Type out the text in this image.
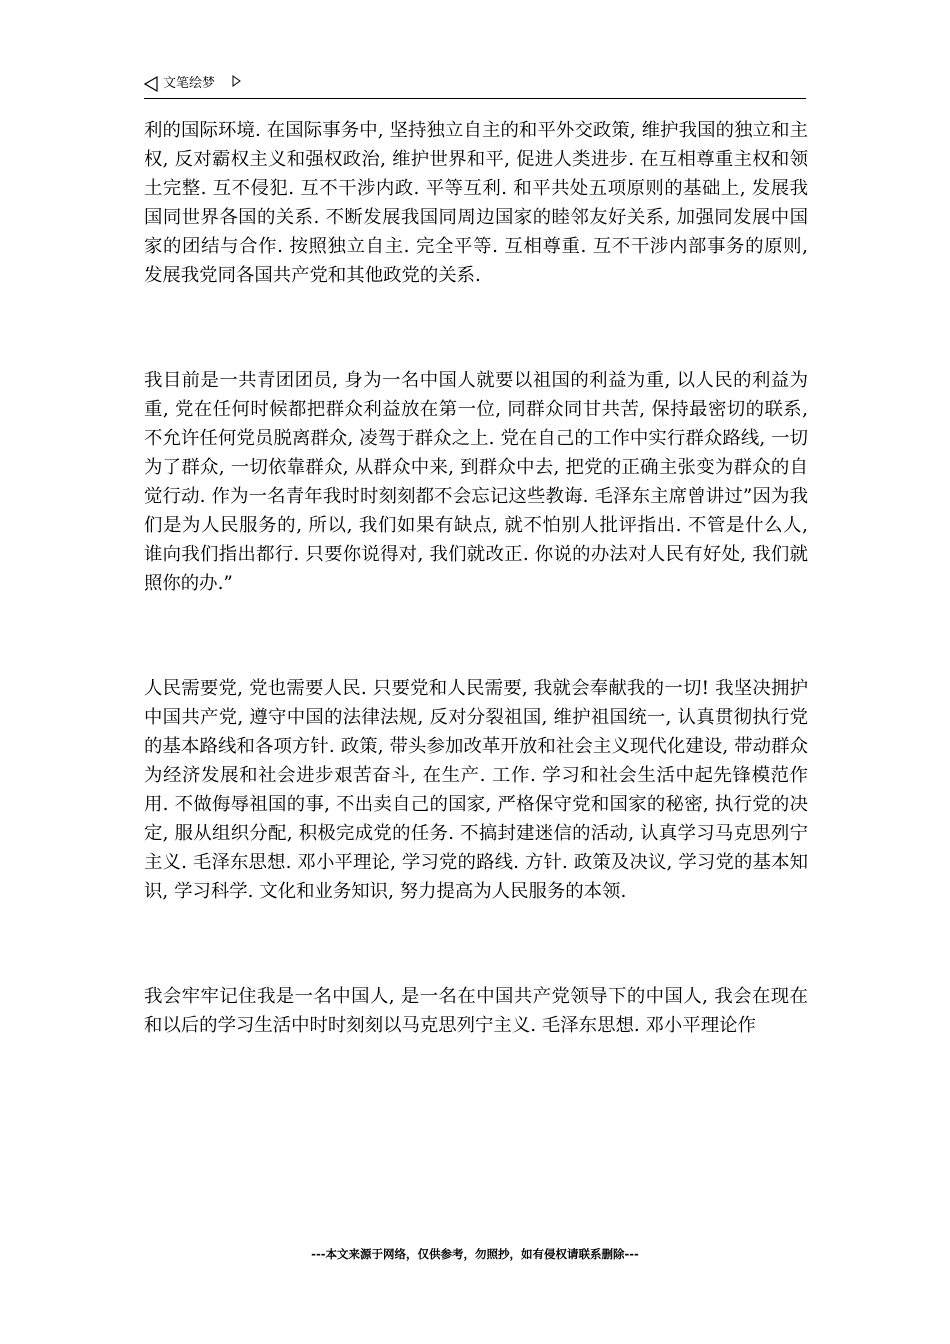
文笔绘梦

利的国际环境. 在国际事务中, 坚持独立自主的和平外交政策, 维护我国的独立和主权, 反对霸权主义和强权政治, 维护世界和平, 促进人类进步. 在互相尊重主权和领土完整. 互不侵犯. 互不干涉内政. 平等互利. 和平共处五项原则的基础上, 发展我国同世界各国的关系. 不断发展我国同周边国家的睦邻友好关系, 加强同发展中国家的团结与合作. 按照独立自主. 完全平等. 互相尊重. 互不干涉内部事务的原则, 发展我党同各国共产党和其他政党的关系.

我目前是一共青团团员, 身为一名中国人就要以祖国的利益为重, 以人民的利益为重, 党在任何时候都把群众利益放在第一位, 同群众同甘共苦, 保持最密切的联系, 不允许任何党员脱离群众, 凌驾于群众之上. 党在自己的工作中实行群众路线, 一切为了群众, 一切依靠群众, 从群众中来, 到群众中去, 把党的正确主张变为群众的自觉行动. 作为一名青年我时时刻刻都不会忘记这些教诲. 毛泽东主席曾讲过”因为我们是为人民服务的, 所以, 我们如果有缺点, 就不怕别人批评指出. 不管是什么人, 谁向我们指出都行. 只要你说得对, 我们就改正. 你说的办法对人民有好处, 我们就照你的办.”

人民需要党, 党也需要人民. 只要党和人民需要, 我就会奉献我的一切! 我坚决拥护中国共产党, 遵守中国的法律法规, 反对分裂祖国, 维护祖国统一, 认真贯彻执行党的基本路线和各项方针. 政策, 带头参加改革开放和社会主义现代化建设, 带动群众为经济发展和社会进步艰苦奋斗, 在生产. 工作. 学习和社会生活中起先锋模范作用. 不做侮辱祖国的事, 不出卖自己的国家, 严格保守党和国家的秘密, 执行党的决定, 服从组织分配, 积极完成党的任务. 不搞封建迷信的活动, 认真学习马克思列宁主义. 毛泽东思想. 邓小平理论, 学习党的路线. 方针. 政策及决议, 学习党的基本知识, 学习科学. 文化和业务知识, 努力提高为人民服务的本领.

我会牢牢记住我是一名中国人, 是一名在中国共产党领导下的中国人, 我会在现在和以后的学习生活中时时刻刻以马克思列宁主义. 毛泽东思想. 邓小平理论作

---本文来源于网络，仅供参考，勿照抄，如有侵权请联系删除---
